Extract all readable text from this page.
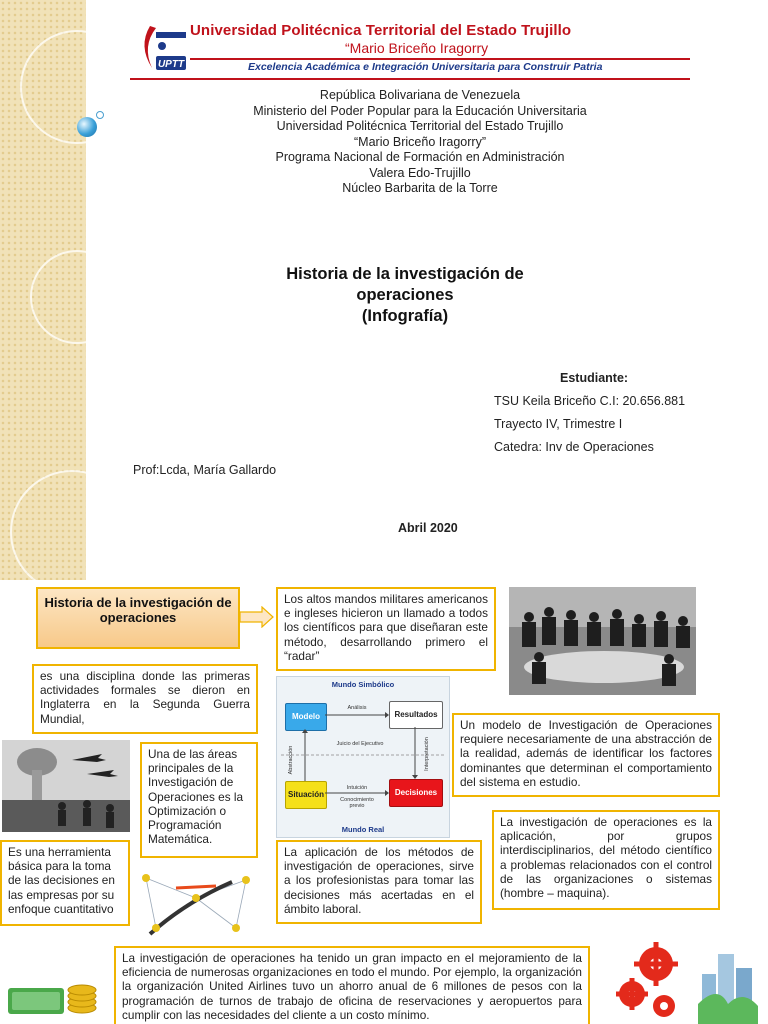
UPTT
Universidad Politécnica Territorial del Estado Trujillo
“Mario Briceño Iragorry
Excelencia Académica e Integración Universitaria para Construir Patria
República Bolivariana de Venezuela
Ministerio del Poder Popular para la Educación Universitaria
Universidad Politécnica Territorial del Estado Trujillo
“Mario Briceño Iragorry”
Programa Nacional de Formación en Administración
Valera Edo-Trujillo
Núcleo Barbarita de la Torre
Historia de la investigación de
operaciones
(Infografía)
Estudiante:
TSU Keila Briceño C.I: 20.656.881
Trayecto IV, Trimestre I
Catedra: Inv de Operaciones
Prof:Lcda, María Gallardo
Abril 2020
Historia de la investigación de operaciones
Los altos mandos militares americanos e ingleses hicieron un llamado a todos los científicos para que diseñaran este método, desarrollando primero el “radar”
es una disciplina donde las primeras actividades formales se dieron en Inglaterra en la Segunda Guerra Mundial,
Mundo Simbólico
Modelo	Resultados
Situación	Decisiones
Análisis
Juicio del Ejecutivo
Intuición
Conocimiento previo
Abstracción	Interpretación
Mundo Real
Un modelo de Investigación de Operaciones requiere necesariamente de una abstracción de la realidad, además de identificar los factores dominantes que determinan el comportamiento del sistema en estudio.
Una de las áreas principales de la Investigación de Operaciones es la Optimización o Programación Matemática.
La aplicación de los métodos de investigación de operaciones, sirve a los profesionistas para tomar las decisiones más acertadas en el ámbito laboral.
La investigación de operaciones es la aplicación, por grupos interdisciplinarios, del método científico a problemas relacionados con el control de las organizaciones o sistemas (hombre – maquina).
Es una herramienta básica para la toma de las decisiones en las empresas por su enfoque cuantitativo
La investigación de operaciones ha tenido un gran impacto en el mejoramiento de la eficiencia de numerosas organizaciones en todo el mundo. Por ejemplo, la organización la organización United Airlines tuvo un ahorro anual de 6 millones de pesos con la programación de turnos de trabajo de oficina de reservaciones y aeropuertos para cumplir con las necesidades del cliente a un costo mínimo.
